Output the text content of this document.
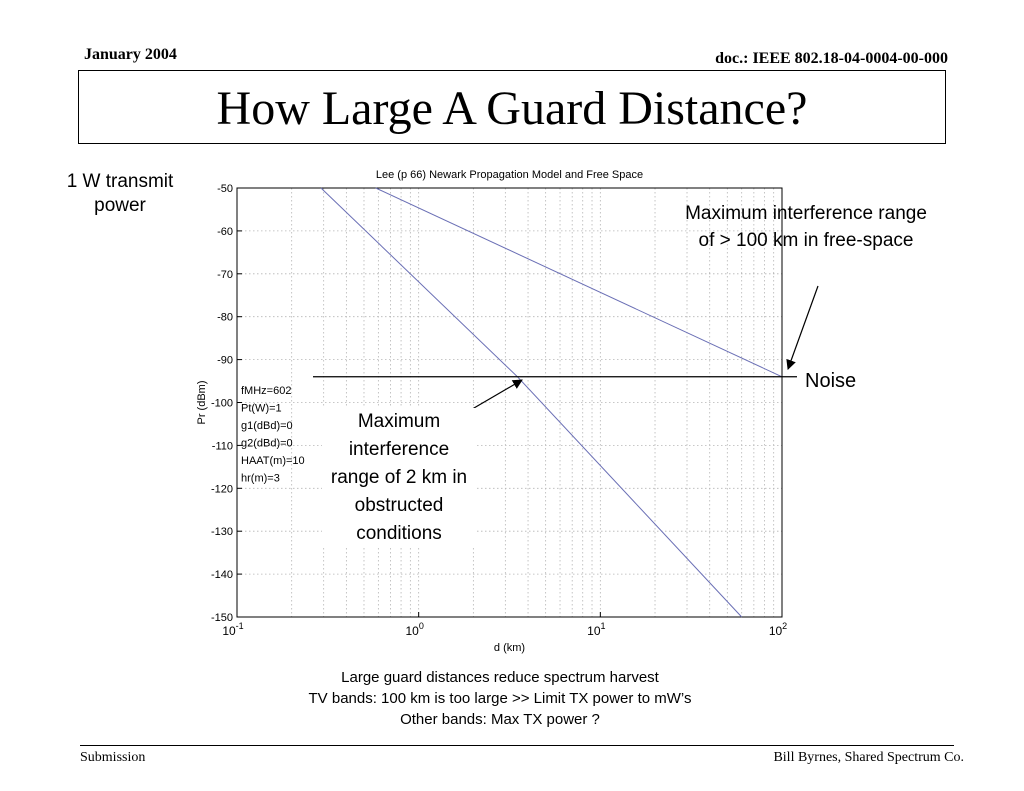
January 2004	doc.: IEEE 802.18-04-0004-00-000
How Large A Guard Distance?
1 W transmit power
-50
-60
-70
-80
-90
-100
-110
-120
-130
-140
-150
$10^{-1}$	$10^0$	$10^1$	$10^2$
Lee (p 66) Newark Propagation Model and Free Space
d (km)
Pr (dBm)	fMHz=602
Pt(W)=1
g1(dBd)=0
g2(dBd)=0
HAAT(m)=10
hr(m)=3
Maximum interference range of > 100 km in free-space
Maximum interference range of 2 km in obstructed conditions
Noise
Large guard distances reduce spectrum harvest
TV bands: 100 km is too large >> Limit TX power to mW’s
Other bands: Max TX power ?
Submission	Bill Byrnes, Shared Spectrum Co.
